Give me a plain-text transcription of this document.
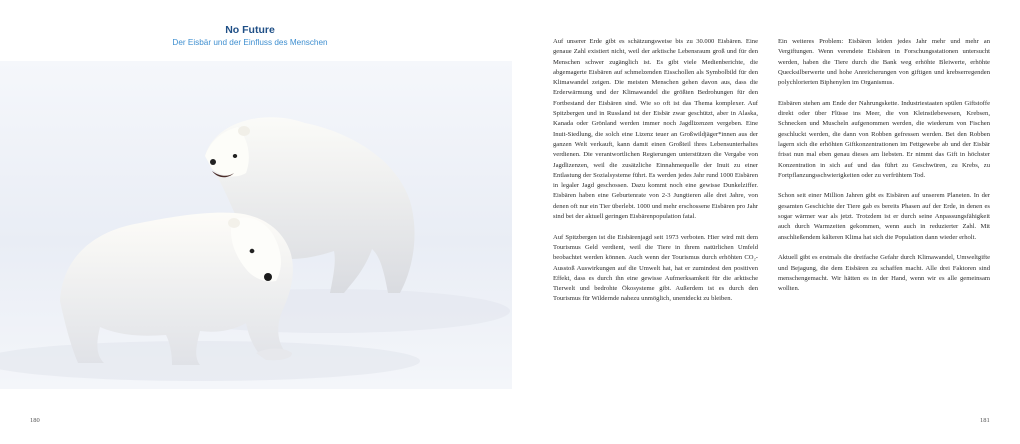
No Future
Der Eisbär und der Einfluss des Menschen
180

Auf unserer Erde gibt es schätzungsweise bis zu 30.000 Eisbären. Eine genaue Zahl existiert nicht, weil der arktische Lebensraum groß und für den Menschen schwer zugänglich ist. Es gibt viele Medienberichte, die abgemagerte Eisbären auf schmelzenden Eisschollen als Symbolbild für den Klimawandel zeigen. Die meisten Menschen gehen davon aus, dass die Erderwärmung und der Klimawandel die größten Bedrohungen für den Fortbestand der Eisbären sind. Wie so oft ist das Thema komplexer. Auf Spitzbergen und in Russland ist der Eisbär zwar geschützt, aber in Alaska, Kanada oder Grönland werden immer noch Jagdlizenzen vergeben. Eine Inuit-Siedlung, die solch eine Lizenz teuer an Großwildjäger*innen aus der ganzen Welt verkauft, kann damit einen Großteil ihres Lebensunterhaltes verdienen. Die verantwortlichen Regierungen unterstützen die Vergabe von Jagdlizenzen, weil die zusätzliche Einnahmequelle der Inuit zu einer Entlastung der Sozialsysteme führt. Es werden jedes Jahr rund 1000 Eisbären in legaler Jagd geschossen. Dazu kommt noch eine gewisse Dunkelziffer. Eisbären haben eine Geburtenrate von 2-3 Jungtieren alle drei Jahre, von denen oft nur ein Tier überlebt. 1000 und mehr erschossene Eisbären pro Jahr sind bei der aktuell geringen Eisbärenpopulation fatal.

Auf Spitzbergen ist die Eisbärenjagd seit 1973 verboten. Hier wird mit dem Tourismus Geld verdient, weil die Tiere in ihrem natürlichen Umfeld beobachtet werden können. Auch wenn der Tourismus durch erhöhten CO₂-Ausstoß Auswirkungen auf die Umwelt hat, hat er zumindest den positiven Effekt, dass es durch ihn eine gewisse Aufmerksamkeit für die arktische Tierwelt und bedrohte Ökosysteme gibt. Außerdem ist es durch den Tourismus für Wildernde nahezu unmöglich, unentdeckt zu bleiben.

Ein weiteres Problem: Eisbären leiden jedes Jahr mehr und mehr an Vergiftungen. Wenn verendete Eisbären in Forschungsstationen untersucht werden, haben die Tiere durch die Bank weg erhöhte Bleiwerte, erhöhte Quecksilberwerte und hohe Anreicherungen von giftigen und krebserregenden polychlorierten Biphenylen im Organismus.

Eisbären stehen am Ende der Nahrungskette. Industriestaaten spülen Giftstoffe direkt oder über Flüsse ins Meer, die von Kleinstlebewesen, Krebsen, Schnecken und Muscheln aufgenommen werden, die wiederum von Fischen geschluckt werden, die dann von Robben gefressen werden. Bei den Robben lagern sich die erhöhten Giftkonzentrationen im Fettgewebe ab und der Eisbär frisst nun mal eben genau dieses am liebsten. Er nimmt das Gift in höchster Konzentration in sich auf und das führt zu Geschwüren, zu Krebs, zu Fortpflanzungsschwierigkeiten oder zu verfrühtem Tod.

Schon seit einer Million Jahren gibt es Eisbären auf unserem Planeten. In der gesamten Geschichte der Tiere gab es bereits Phasen auf der Erde, in denen es sogar wärmer war als jetzt. Trotzdem ist er durch seine Anpassungsfähigkeit auch durch Warmzeiten gekommen, wenn auch in reduzierter Zahl. Mit anschließendem kälteren Klima hat sich die Population dann wieder erholt.

Aktuell gibt es erstmals die dreifache Gefahr durch Klimawandel, Umweltgifte und Bejagung, die dem Eisbären zu schaffen macht. Alle drei Faktoren sind menschengemacht. Wir hätten es in der Hand, wenn wir es alle gemeinsam wollten.

181
